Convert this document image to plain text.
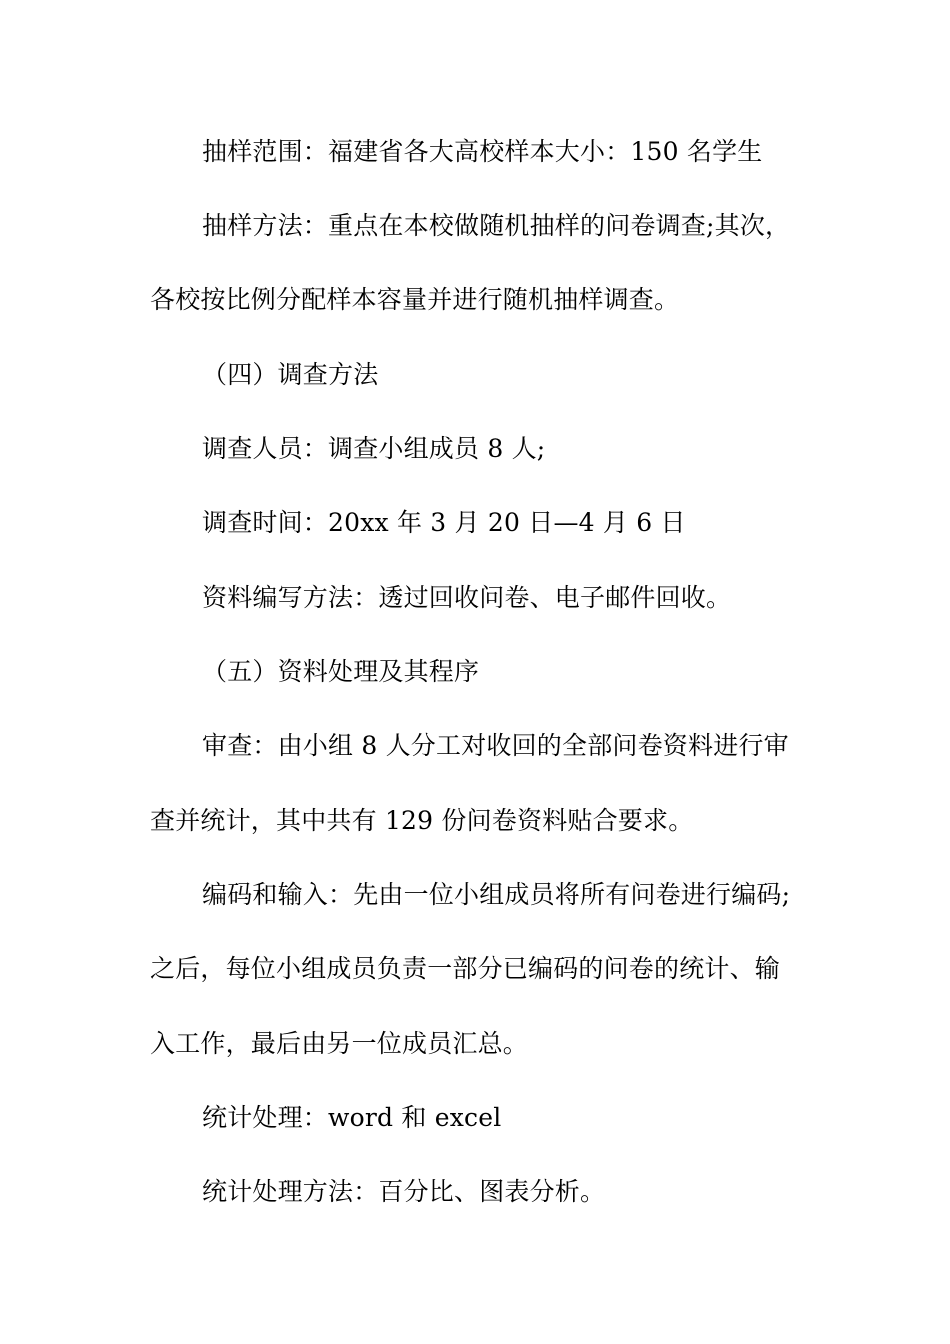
抽样范围：福建省各大高校样本大小：150 名学生
抽样方法：重点在本校做随机抽样的问卷调查;其次，
各校按比例分配样本容量并进行随机抽样调查。
（四）调查方法
调查人员：调查小组成员 8 人;
调查时间：20xx 年 3 月 20 日—4 月 6 日
资料编写方法：透过回收问卷、电子邮件回收。
（五）资料处理及其程序
审查：由小组 8 人分工对收回的全部问卷资料进行审
查并统计，其中共有 129 份问卷资料贴合要求。
编码和输入：先由一位小组成员将所有问卷进行编码;
之后，每位小组成员负责一部分已编码的问卷的统计、输
入工作，最后由另一位成员汇总。
统计处理：word 和 excel
统计处理方法：百分比、图表分析。
